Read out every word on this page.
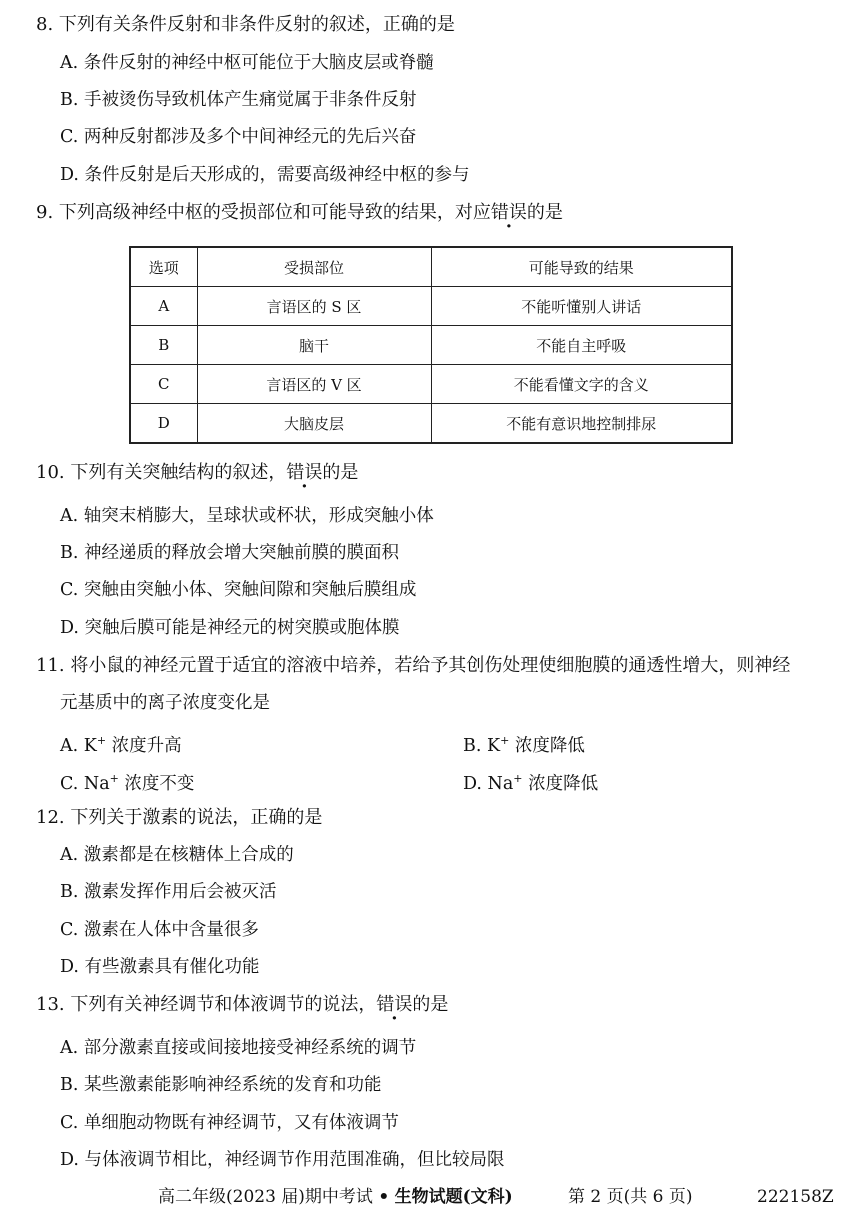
8. 下列有关条件反射和非条件反射的叙述，正确的是
A. 条件反射的神经中枢可能位于大脑皮层或脊髓
B. 手被烫伤导致机体产生痛觉属于非条件反射
C. 两种反射都涉及多个中间神经元的先后兴奋
D. 条件反射是后天形成的，需要高级神经中枢的参与
9. 下列高级神经中枢的受损部位和可能导致的结果，对应错误的是
选项	受损部位	可能导致的结果
A	言语区的 S 区	不能听懂别人讲话
B	脑干	不能自主呼吸
C	言语区的 V 区	不能看懂文字的含义
D	大脑皮层	不能有意识地控制排尿
10. 下列有关突触结构的叙述，错误的是
A. 轴突末梢膨大，呈球状或杯状，形成突触小体
B. 神经递质的释放会增大突触前膜的膜面积
C. 突触由突触小体、突触间隙和突触后膜组成
D. 突触后膜可能是神经元的树突膜或胞体膜
11. 将小鼠的神经元置于适宜的溶液中培养，若给予其创伤处理使细胞膜的通透性增大，则神经
元基质中的离子浓度变化是
A. K+ 浓度升高	B. K+ 浓度降低
C. Na+ 浓度不变	D. Na+ 浓度降低
12. 下列关于激素的说法，正确的是
A. 激素都是在核糖体上合成的
B. 激素发挥作用后会被灭活
C. 激素在人体中含量很多
D. 有些激素具有催化功能
13. 下列有关神经调节和体液调节的说法，错误的是
A. 部分激素直接或间接地接受神经系统的调节
B. 某些激素能影响神经系统的发育和功能
C. 单细胞动物既有神经调节，又有体液调节
D. 与体液调节相比，神经调节作用范围准确，但比较局限
高二年级(2023 届)期中考试 • 生物试题(文科)	第 2 页(共 6 页)	222158Z
